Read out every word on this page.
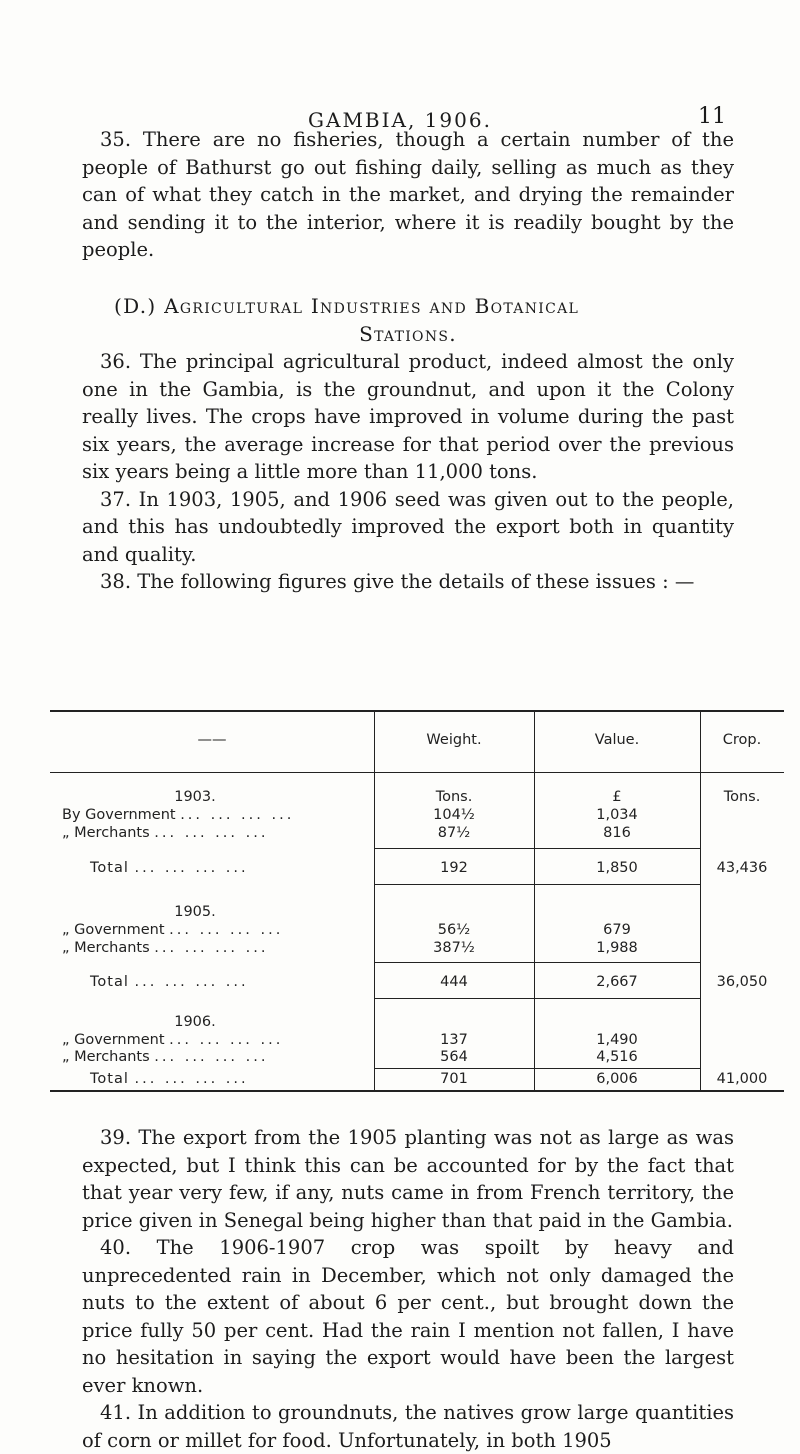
GAMBIA, 1906.	11

35. There are no fisheries, though a certain number of the people of Bathurst go out fishing daily, selling as much as they can of what they catch in the market, and drying the remainder and sending it to the interior, where it is readily bought by the people.

(D.) Agricultural Industries and Botanical
Stations.

36. The principal agricultural product, indeed almost the only one in the Gambia, is the groundnut, and upon it the Colony really lives. The crops have improved in volume during the past six years, the average increase for that period over the previous six years being a little more than 11,000 tons.

37. In 1903, 1905, and 1906 seed was given out to the people, and this has undoubtedly improved the export both in quantity and quality.

38. The following figures give the details of these issues : —

——	Weight.	Value.	Crop.
1903.	Tons.	£	Tons.
By Government ... ... ... ...	104½	1,034
„ Merchants ... ... ... ...	87½	816
Total ... ... ... ...	192	1,850	43,436
1905.
„ Government ... ... ... ...	56½	679
„ Merchants ... ... ... ...	387½	1,988
Total ... ... ... ...	444	2,667	36,050
1906.
„ Government ... ... ... ...	137	1,490
„ Merchants ... ... ... ...	564	4,516
Total ... ... ... ...	701	6,006	41,000

39. The export from the 1905 planting was not as large as was expected, but I think this can be accounted for by the fact that that year very few, if any, nuts came in from French territory, the price given in Senegal being higher than that paid in the Gambia.

40. The 1906-1907 crop was spoilt by heavy and unprecedented rain in December, which not only damaged the nuts to the extent of about 6 per cent., but brought down the price fully 50 per cent. Had the rain I mention not fallen, I have no hesitation in saying the export would have been the largest ever known.

41. In addition to groundnuts, the natives grow large quantities of corn or millet for food. Unfortunately, in both 1905
